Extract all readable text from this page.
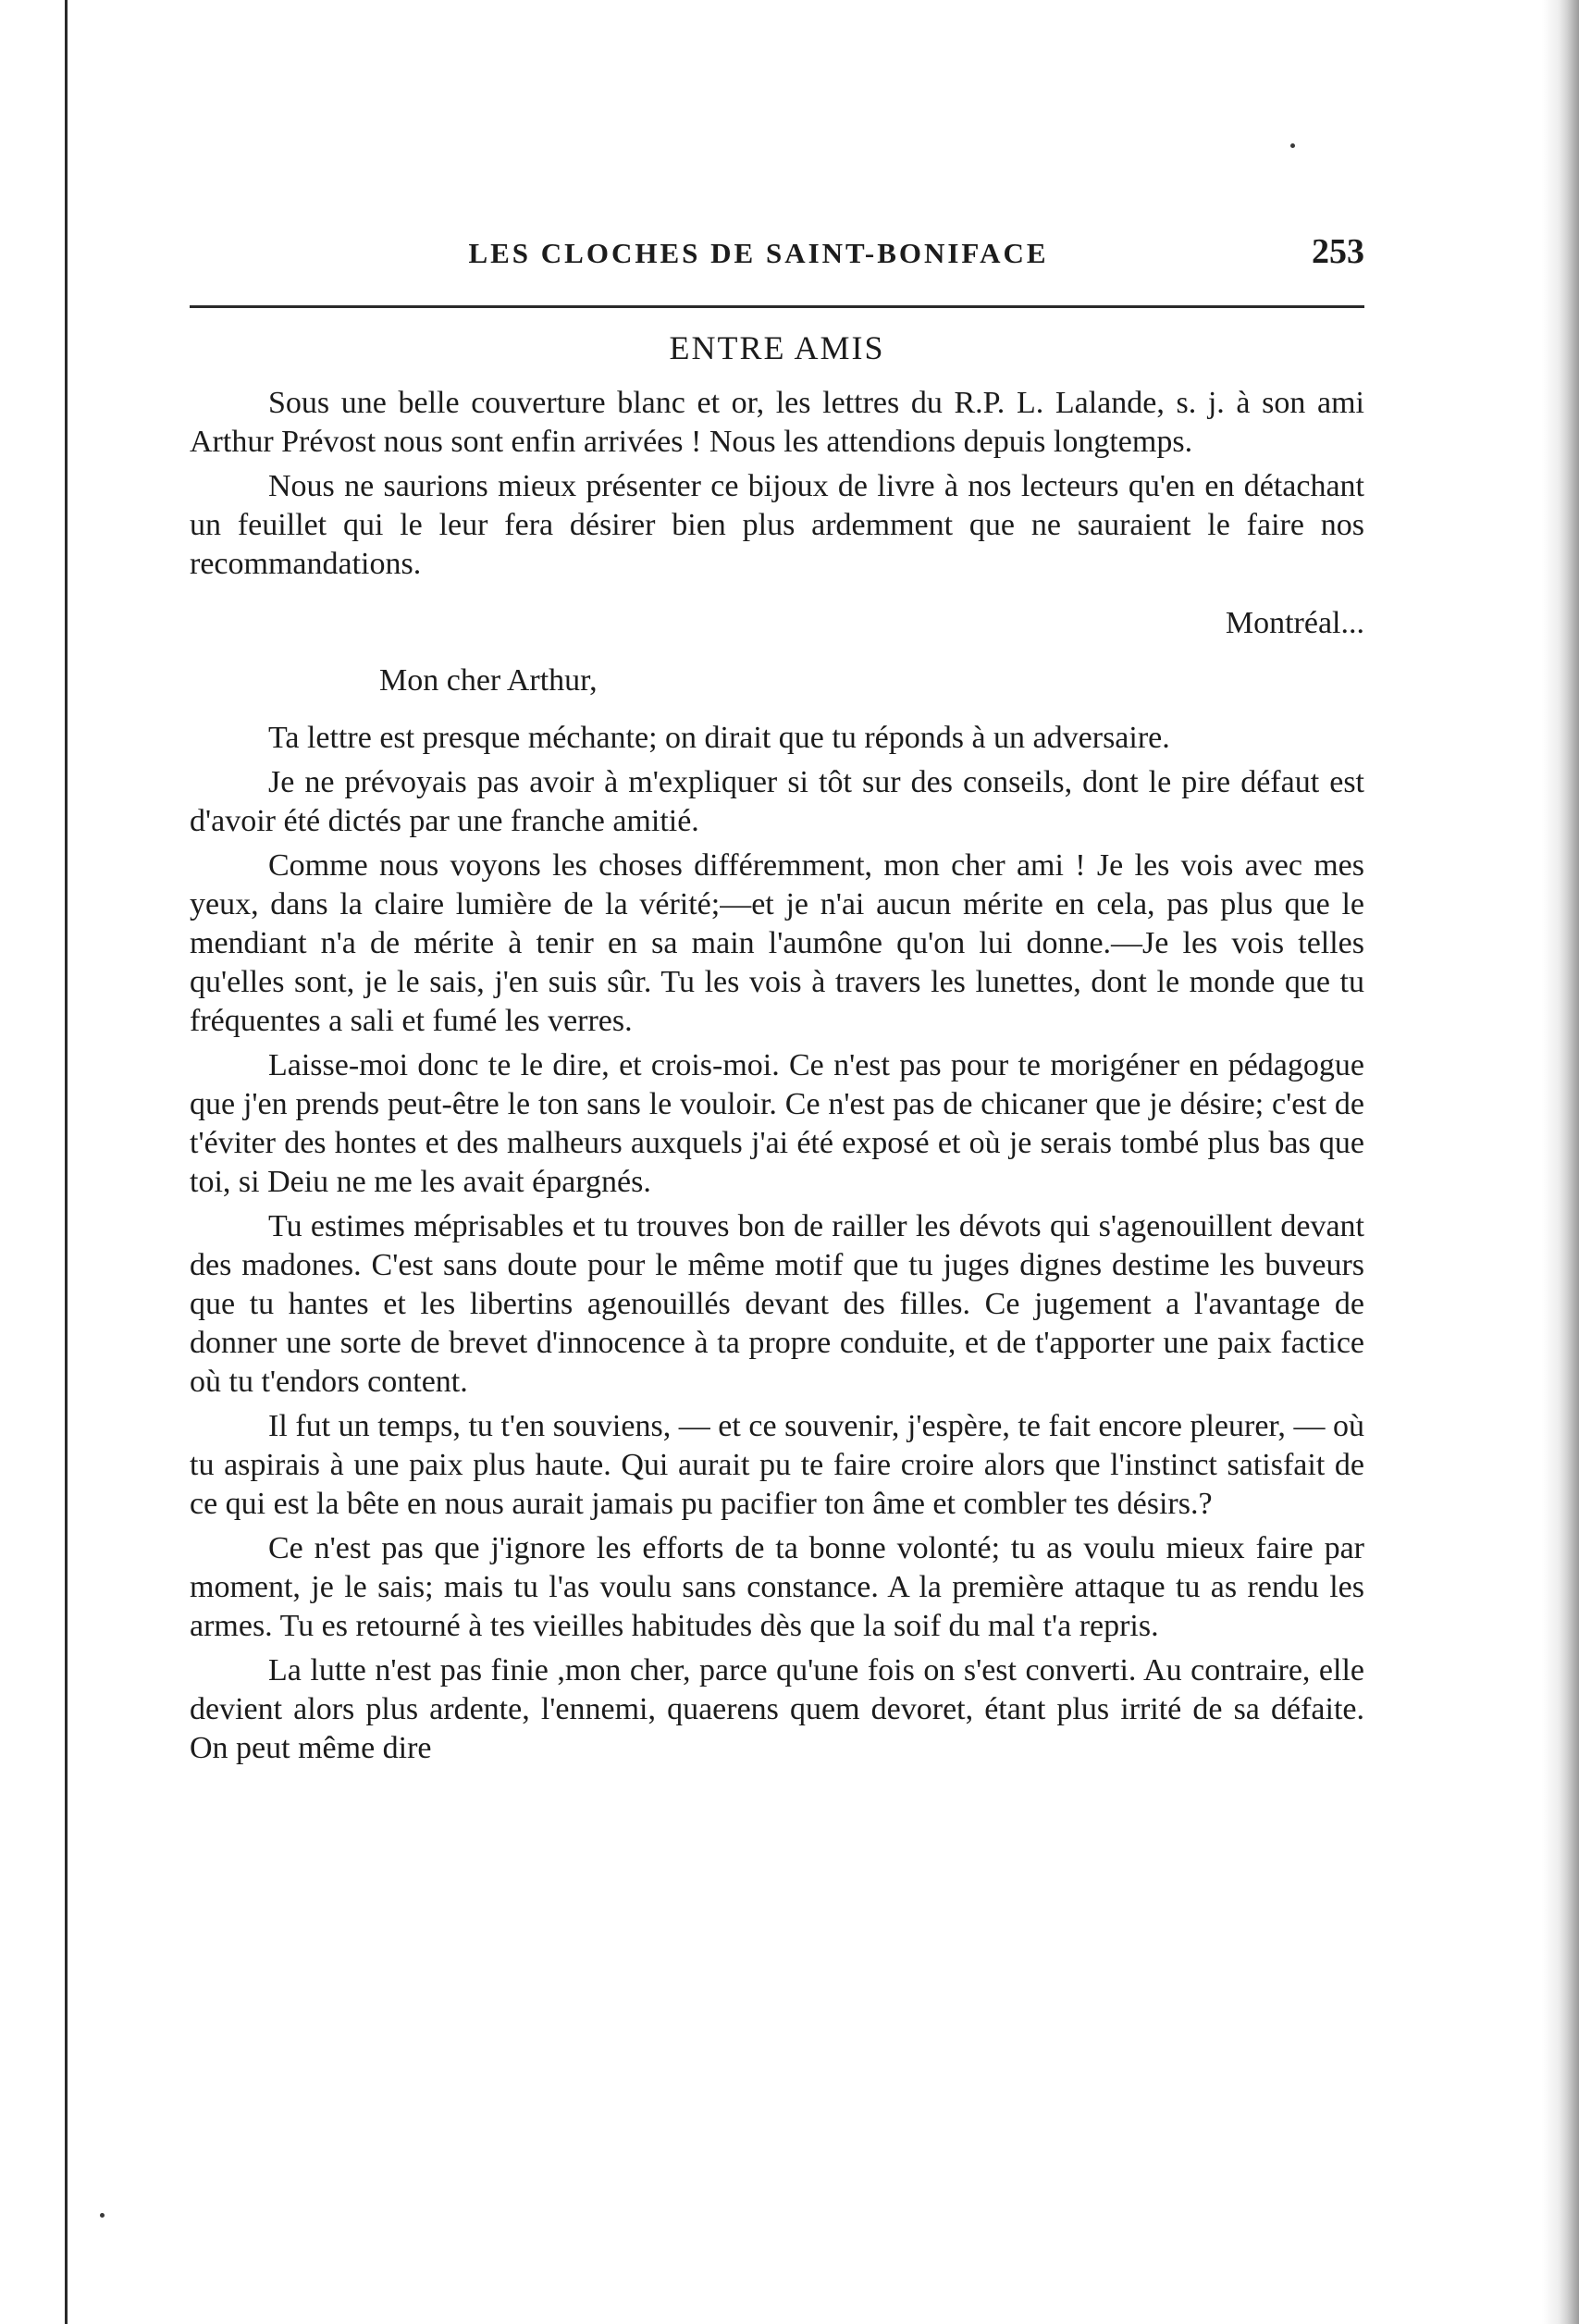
LES CLOCHES DE SAINT-BONIFACE	253
ENTRE AMIS

Sous une belle couverture blanc et or, les lettres du R.P. L. Lalande, s. j. à son ami Arthur Prévost nous sont enfin arrivées ! Nous les attendions depuis longtemps.

Nous ne saurions mieux présenter ce bijoux de livre à nos lecteurs qu'en en détachant un feuillet qui le leur fera désirer bien plus ardemment que ne sauraient le faire nos recommandations.

Montréal...
Mon cher Arthur,

Ta lettre est presque méchante; on dirait que tu réponds à un adversaire.

Je ne prévoyais pas avoir à m'expliquer si tôt sur des conseils, dont le pire défaut est d'avoir été dictés par une franche amitié.

Comme nous voyons les choses différemment, mon cher ami ! Je les vois avec mes yeux, dans la claire lumière de la vérité;—et je n'ai aucun mérite en cela, pas plus que le mendiant n'a de mérite à tenir en sa main l'aumône qu'on lui donne.—Je les vois telles qu'elles sont, je le sais, j'en suis sûr. Tu les vois à travers les lunettes, dont le monde que tu fréquentes a sali et fumé les verres.

Laisse-moi donc te le dire, et crois-moi. Ce n'est pas pour te morigéner en pédagogue que j'en prends peut-être le ton sans le vouloir. Ce n'est pas de chicaner que je désire; c'est de t'éviter des hontes et des malheurs auxquels j'ai été exposé et où je serais tombé plus bas que toi, si Deiu ne me les avait épargnés.

Tu estimes méprisables et tu trouves bon de railler les dévots qui s'agenouillent devant des madones. C'est sans doute pour le même motif que tu juges dignes destime les buveurs que tu hantes et les libertins agenouillés devant des filles. Ce jugement a l'avantage de donner une sorte de brevet d'innocence à ta propre conduite, et de t'apporter une paix factice où tu t'endors content.

Il fut un temps, tu t'en souviens, — et ce souvenir, j'espère, te fait encore pleurer, — où tu aspirais à une paix plus haute. Qui aurait pu te faire croire alors que l'instinct satisfait de ce qui est la bête en nous aurait jamais pu pacifier ton âme et combler tes désirs.?

Ce n'est pas que j'ignore les efforts de ta bonne volonté; tu as voulu mieux faire par moment, je le sais; mais tu l'as voulu sans constance. A la première attaque tu as rendu les armes. Tu es retourné à tes vieilles habitudes dès que la soif du mal t'a repris.

La lutte n'est pas finie ,mon cher, parce qu'une fois on s'est converti. Au contraire, elle devient alors plus ardente, l'ennemi, quaerens quem devoret, étant plus irrité de sa défaite. On peut même dire
